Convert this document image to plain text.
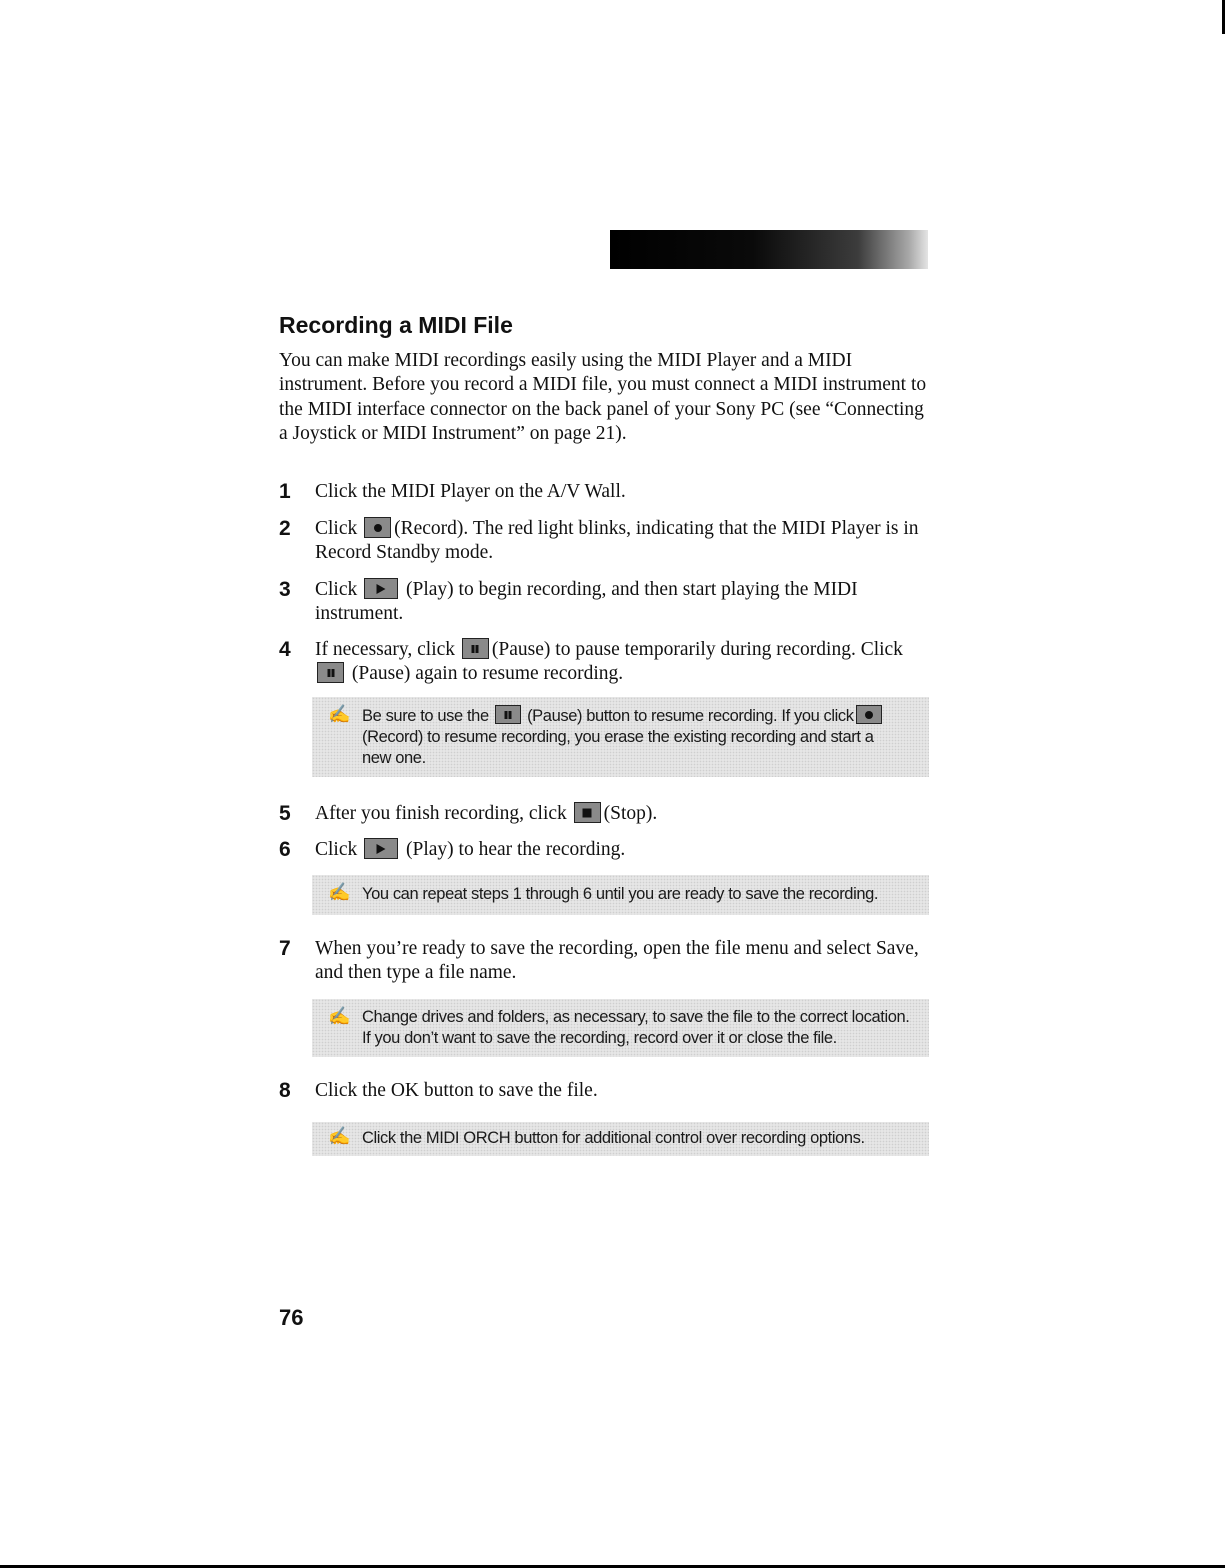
Recording a MIDI File

You can make MIDI recordings easily using the MIDI Player and a MIDI instrument. Before you record a MIDI file, you must connect a MIDI instrument to the MIDI interface connector on the back panel of your Sony PC (see “Connecting a Joystick or MIDI Instrument” on page 21).

1 Click the MIDI Player on the A/V Wall.
2 Click (Record). The red light blinks, indicating that the MIDI Player is in Record Standby mode.
3 Click  (Play) to begin recording, and then start playing the MIDI instrument.
4 If necessary, click (Pause) to pause temporarily during recording. Click  (Pause) again to resume recording.
✍ Be sure to use the  (Pause) button to resume recording. If you click (Record) to resume recording, you erase the existing recording and start a new one.
5 After you finish recording, click (Stop).
6 Click  (Play) to hear the recording.
✍ You can repeat steps 1 through 6 until you are ready to save the recording.
7 When you’re ready to save the recording, open the file menu and select Save, and then type a file name.
✍ Change drives and folders, as necessary, to save the file to the correct location. If you don’t want to save the recording, record over it or close the file.
8 Click the OK button to save the file.
✍ Click the MIDI ORCH button for additional control over recording options.
76
